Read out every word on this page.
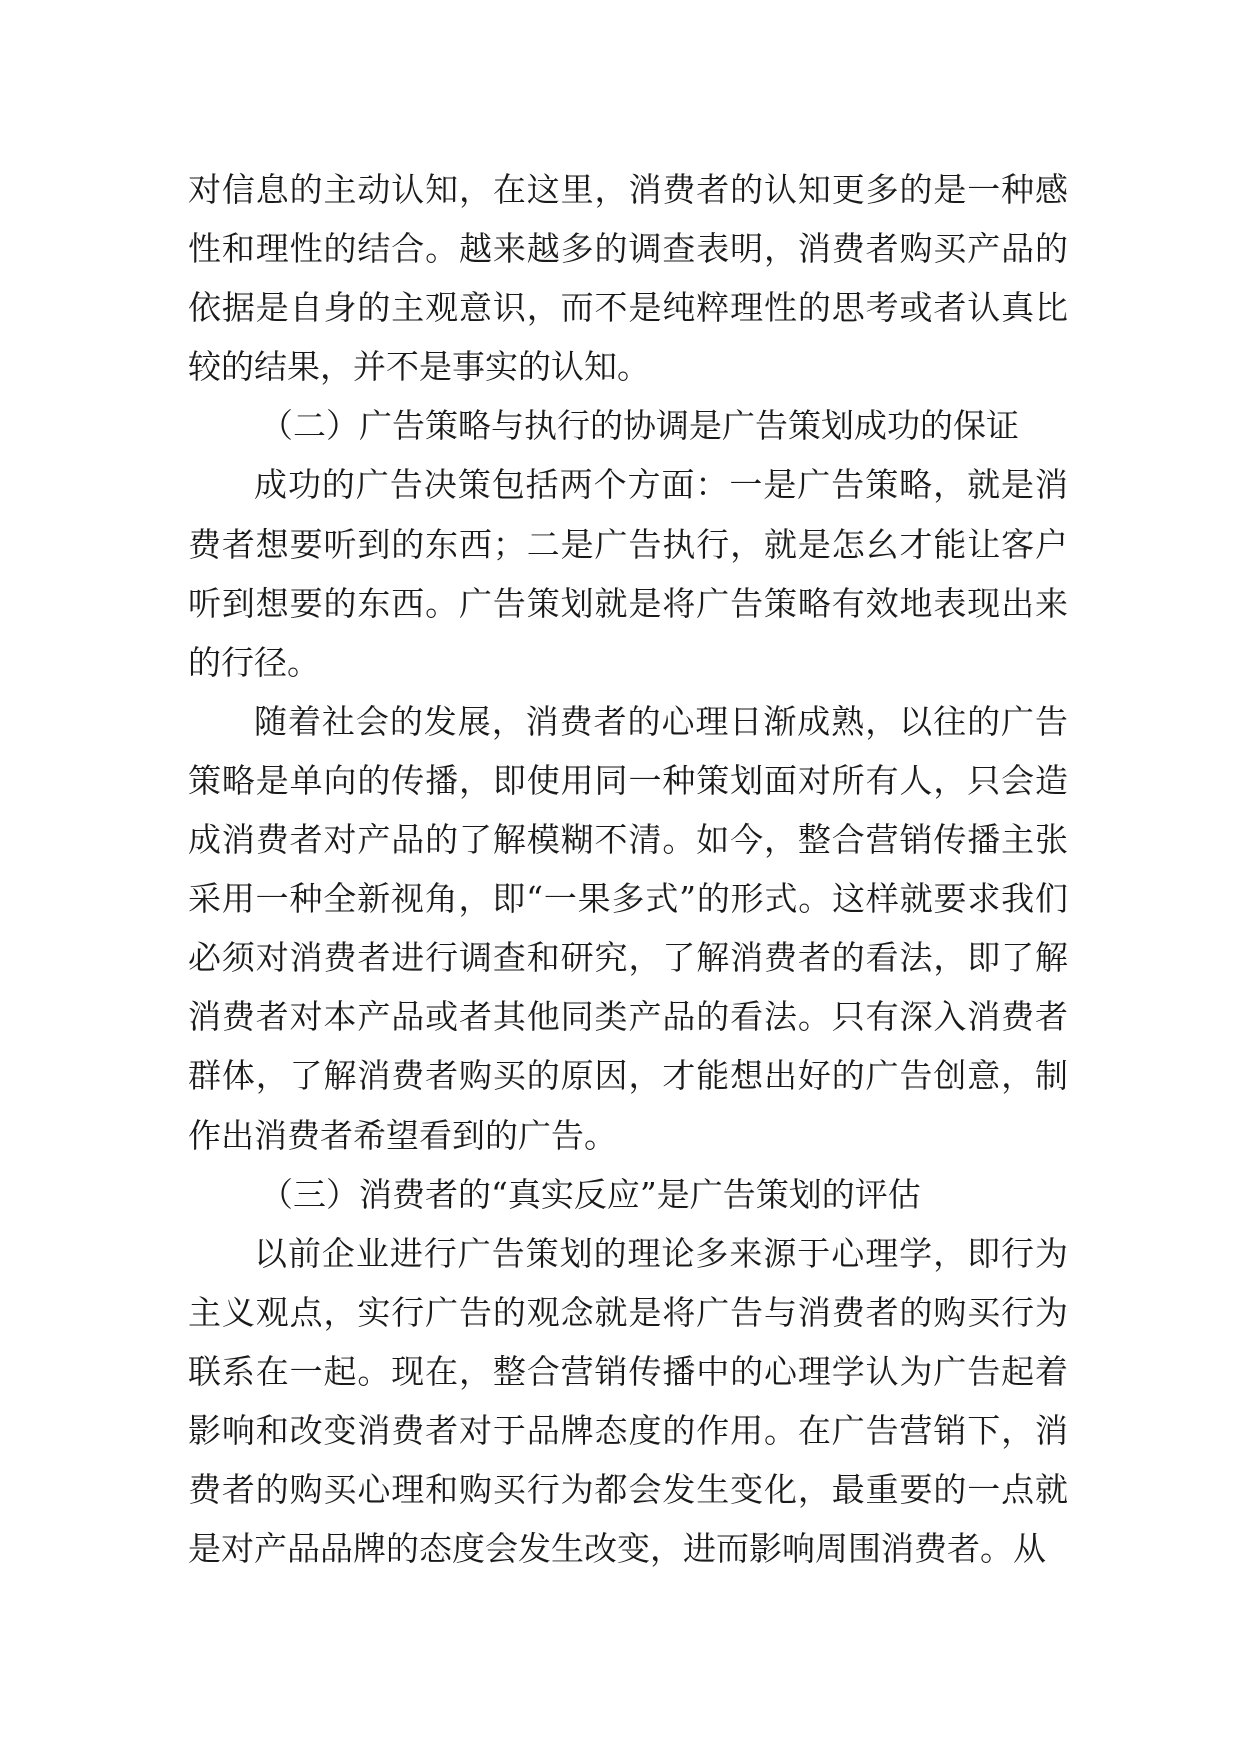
对信息的主动认知，在这里，消费者的认知更多的是一种感性和理性的结合。越来越多的调查表明，消费者购买产品的依据是自身的主观意识，而不是纯粹理性的思考或者认真比较的结果，并不是事实的认知。

（二）广告策略与执行的协调是广告策划成功的保证

成功的广告决策包括两个方面：一是广告策略，就是消费者想要听到的东西；二是广告执行，就是怎幺才能让客户听到想要的东西。广告策划就是将广告策略有效地表现出来的行径。

随着社会的发展，消费者的心理日渐成熟，以往的广告策略是单向的传播，即使用同一种策划面对所有人，只会造成消费者对产品的了解模糊不清。如今，整合营销传播主张采用一种全新视角，即“一果多式”的形式。这样就要求我们必须对消费者进行调查和研究，了解消费者的看法，即了解消费者对本产品或者其他同类产品的看法。只有深入消费者群体，了解消费者购买的原因，才能想出好的广告创意，制作出消费者希望看到的广告。

（三）消费者的“真实反应”是广告策划的评估

以前企业进行广告策划的理论多来源于心理学，即行为主义观点，实行广告的观念就是将广告与消费者的购买行为联系在一起。现在，整合营销传播中的心理学认为广告起着影响和改变消费者对于品牌态度的作用。在广告营销下，消费者的购买心理和购买行为都会发生变化，最重要的一点就是对产品品牌的态度会发生改变，进而影响周围消费者。从
